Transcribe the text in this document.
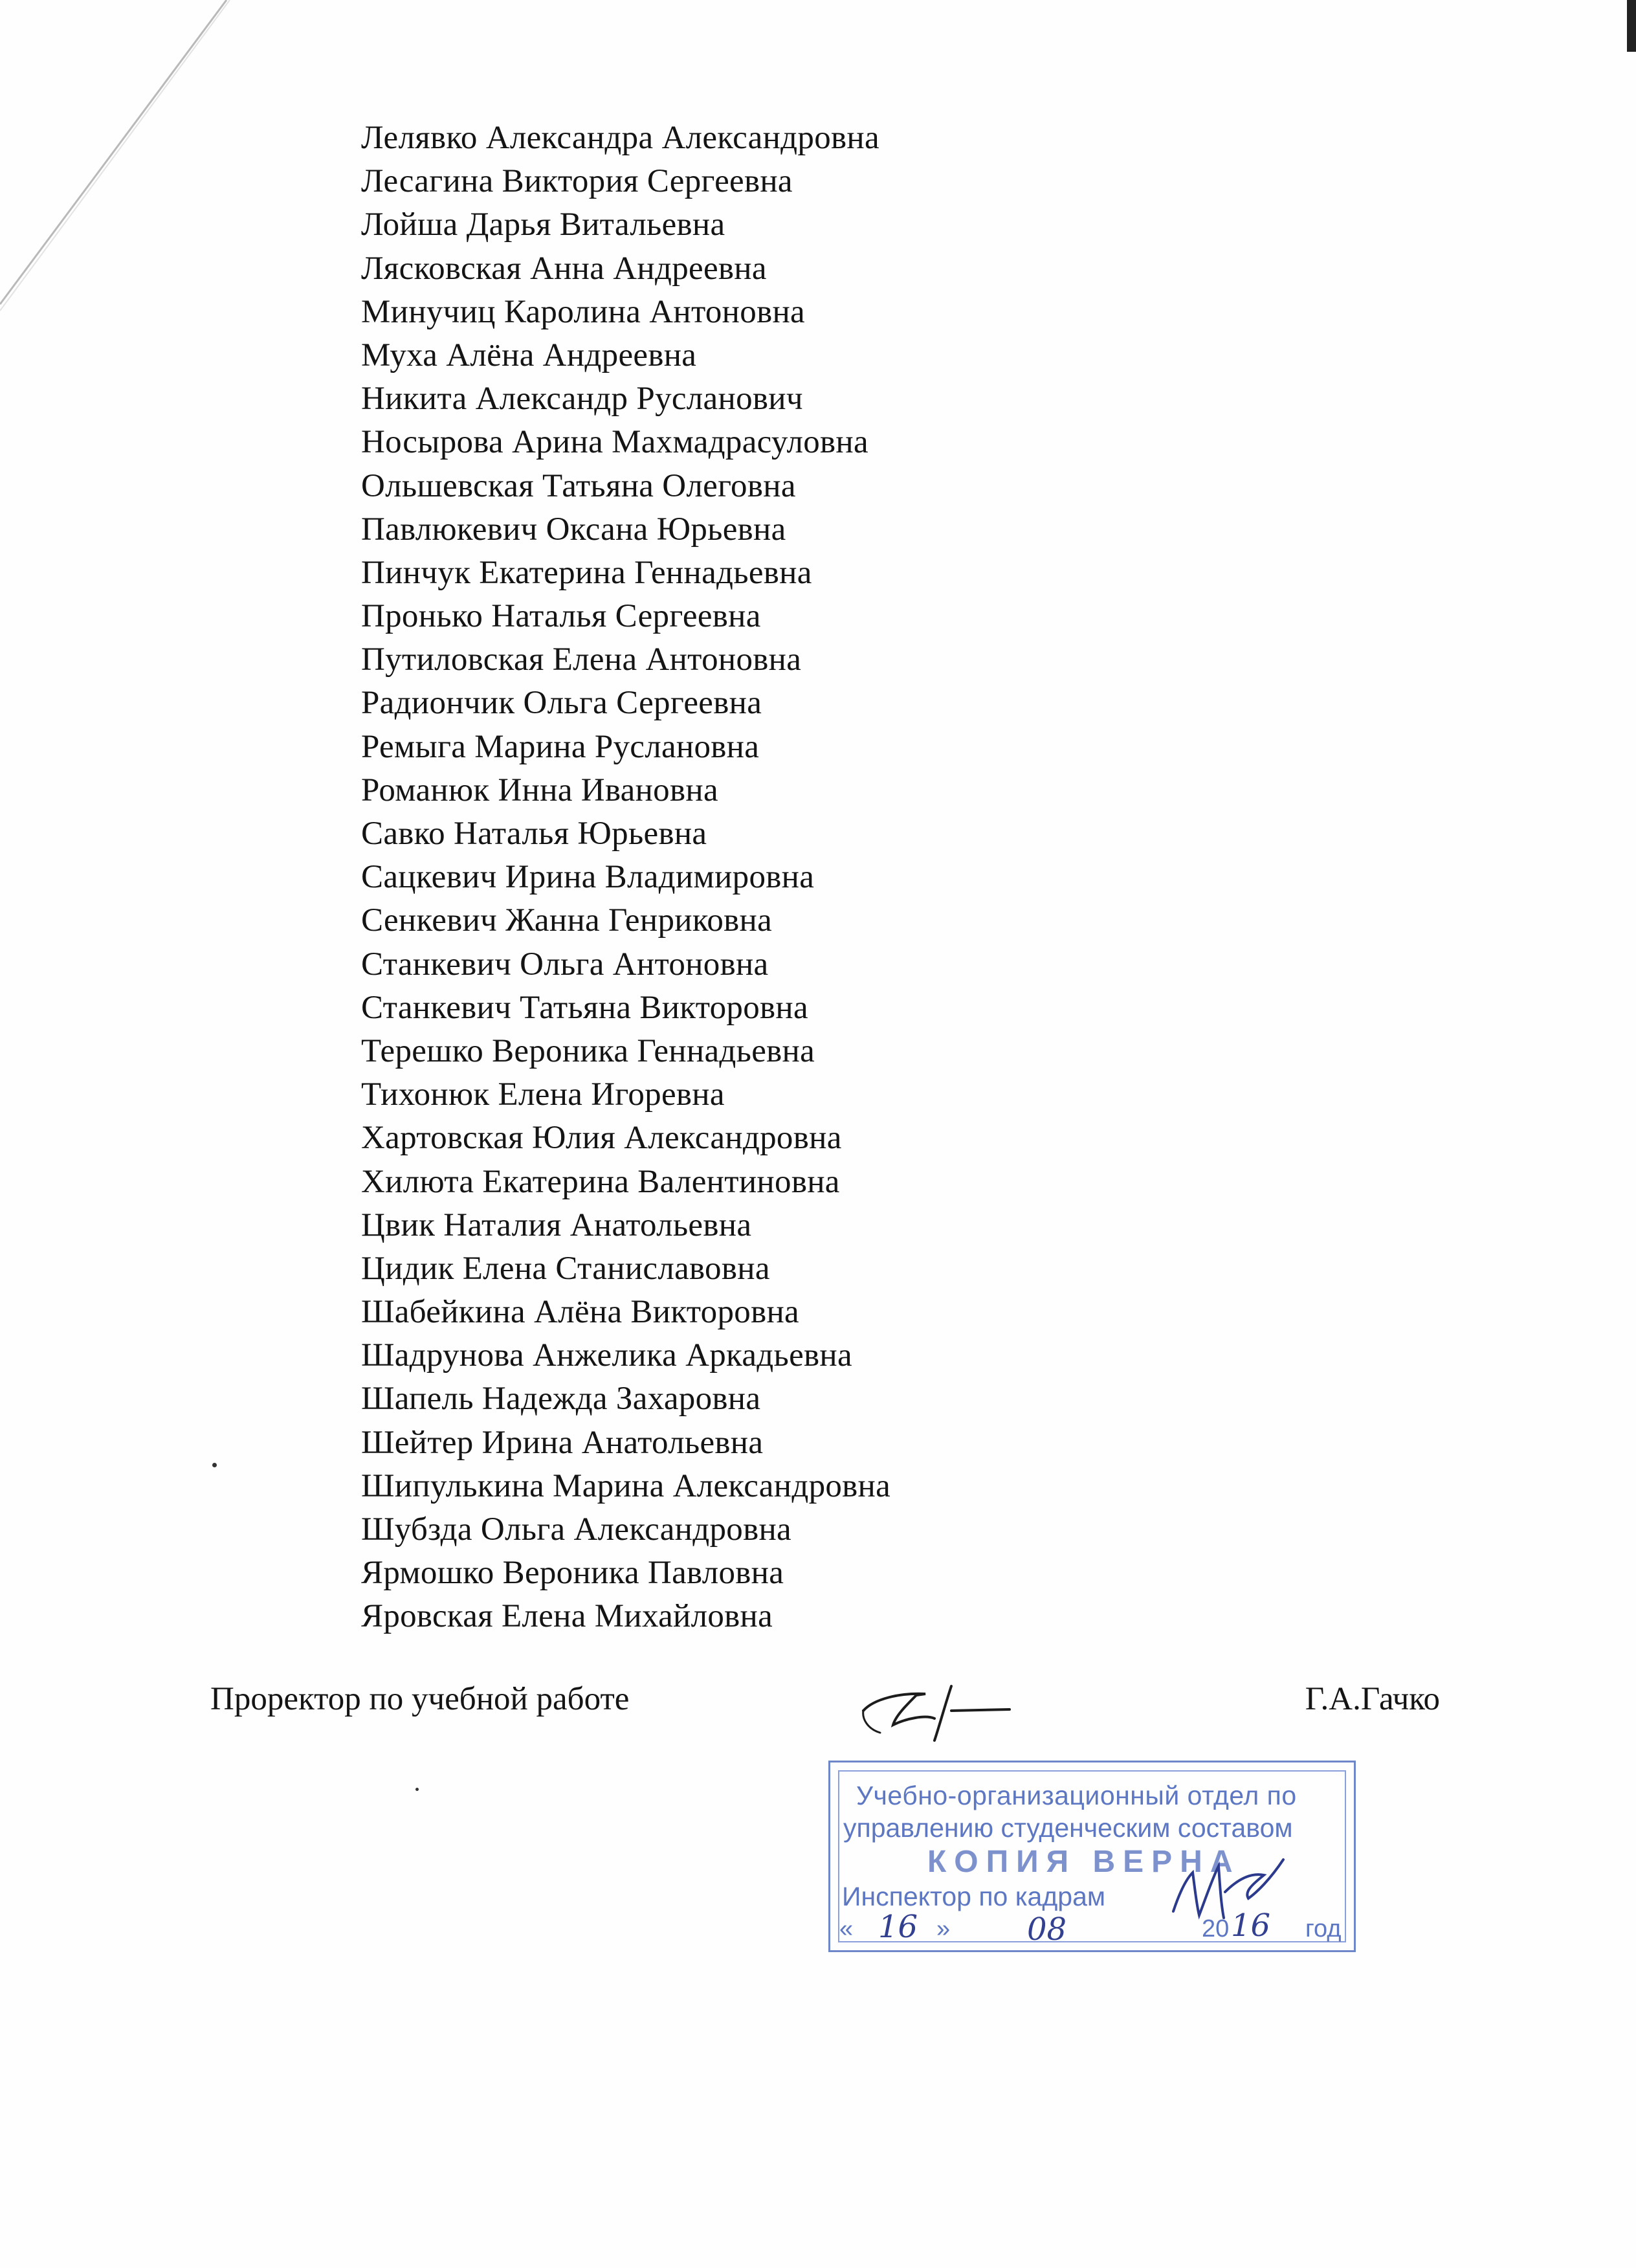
Лелявко Александра Александровна
Лесагина Виктория Сергеевна
Лойша Дарья Витальевна
Лясковская Анна Андреевна
Минучиц Каролина Антоновна
Муха Алёна Андреевна
Никита Александр Русланович
Носырова Арина Махмадрасуловна
Ольшевская Татьяна Олеговна
Павлюкевич Оксана Юрьевна
Пинчук Екатерина Геннадьевна
Пронько Наталья Сергеевна
Путиловская Елена Антоновна
Радиончик Ольга Сергеевна
Ремыга Марина Руслановна
Романюк Инна Ивановна
Савко Наталья Юрьевна
Сацкевич Ирина Владимировна
Сенкевич Жанна Генриковна
Станкевич Ольга Антоновна
Станкевич Татьяна Викторовна
Терешко Вероника Геннадьевна
Тихонюк Елена Игоревна
Хартовская Юлия Александровна
Хилюта Екатерина Валентиновна
Цвик Наталия Анатольевна
Цидик Елена Станиславовна
Шабейкина Алёна Викторовна
Шадрунова Анжелика Аркадьевна
Шапель Надежда Захаровна
Шейтер Ирина Анатольевна
Шипулькина Марина Александровна
Шубзда Ольга Александровна
Ярмошко Вероника Павловна
Яровская Елена Михайловна
Проректор по учебной работе	Г.А.Гачко
Учебно-организационный отдел по
управлению студенческим составом
КОПИЯ ВЕРНА
Инспектор по кадрам
« 16 » 08	20 16 год
